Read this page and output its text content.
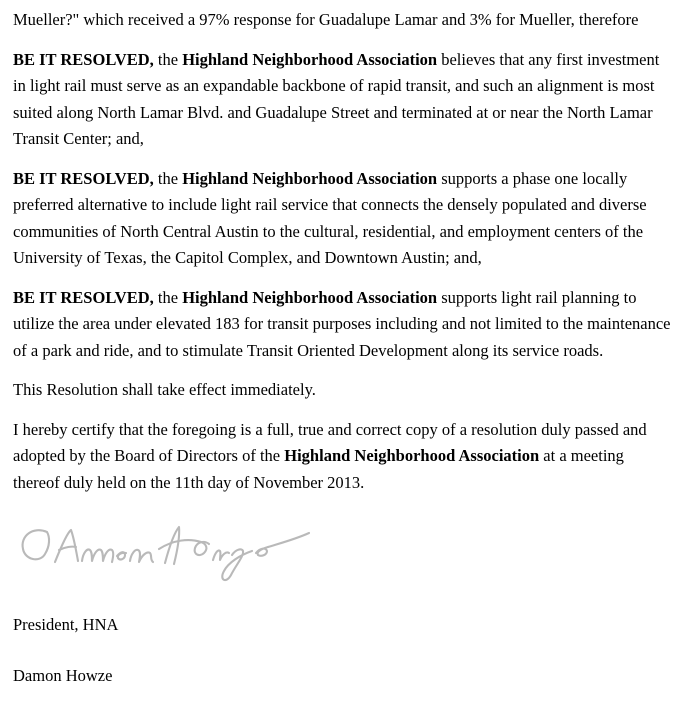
Mueller?" which received a 97% response for Guadalupe Lamar and 3% for Mueller, therefore

BE IT RESOLVED, the Highland Neighborhood Association believes that any first investment in light rail must serve as an expandable backbone of rapid transit, and such an alignment is most suited along North Lamar Blvd. and Guadalupe Street and terminated at or near the North Lamar Transit Center; and,

BE IT RESOLVED, the Highland Neighborhood Association supports a phase one locally preferred alternative to include light rail service that connects the densely populated and diverse communities of North Central Austin to the cultural, residential, and employment centers of the University of Texas, the Capitol Complex, and Downtown Austin; and,

BE IT RESOLVED, the Highland Neighborhood Association supports light rail planning to utilize the area under elevated 183 for transit purposes including and not limited to the maintenance of a park and ride, and to stimulate Transit Oriented Development along its service roads.

This Resolution shall take effect immediately.

I hereby certify that the foregoing is a full, true and correct copy of a resolution duly passed and adopted by the Board of Directors of the Highland Neighborhood Association at a meeting thereof duly held on the 11th day of November 2013.

President, HNA

Damon Howze
